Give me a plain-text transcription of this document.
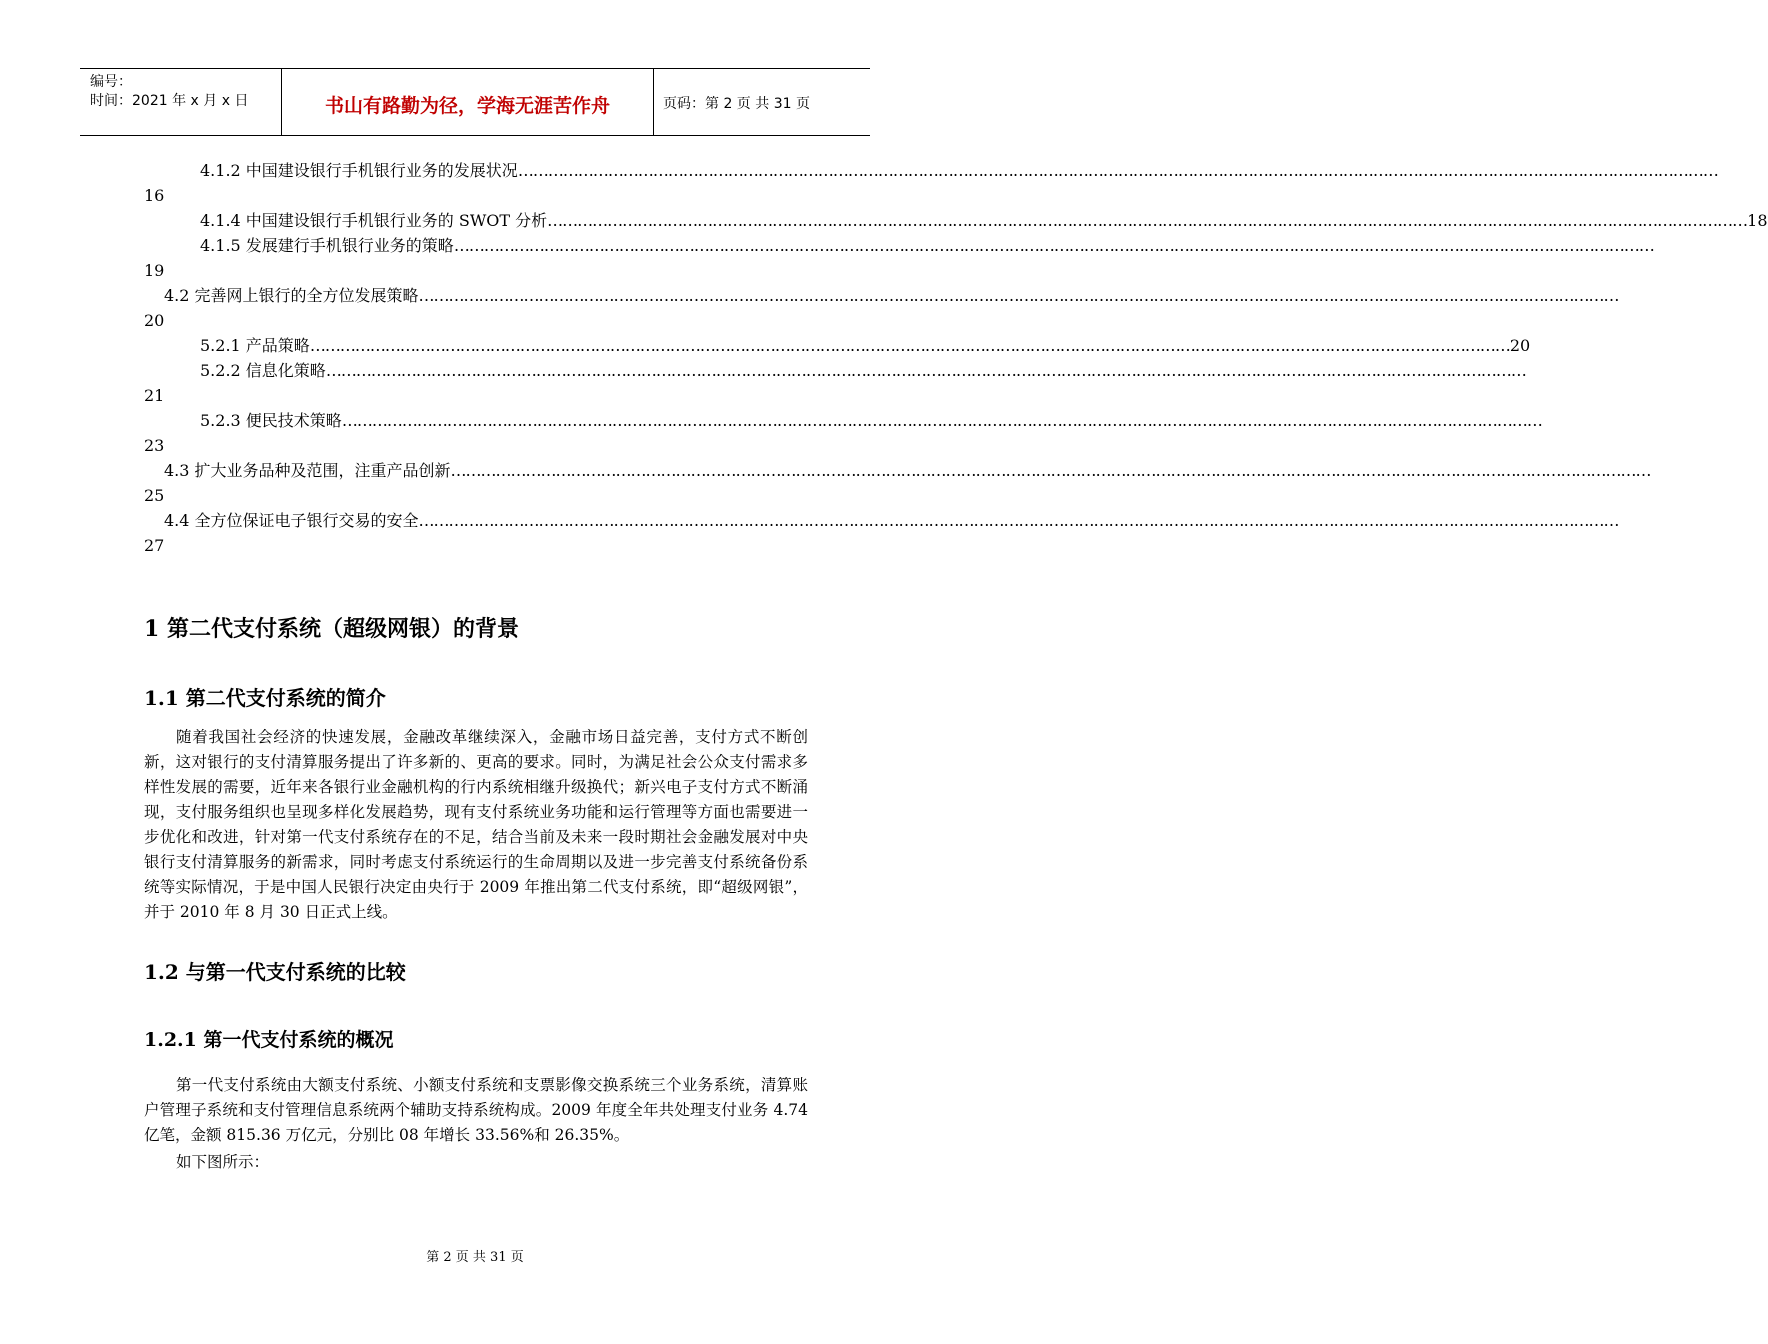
编号：
时间：2021 年 x 月 x 日	书山有路勤为径，学海无涯苦作舟	页码：第 2 页 共 31 页
4.1.2 中国建设银行手机银行业务的发展状况 ……………………………………………………………………………………………………………………………………………………………………………………………………………………
16
4.1.4 中国建设银行手机银行业务的 SWOT 分析 …………………………………………………………………………………………………………………………………………………………………………………………………………………… 18
4.1.5 发展建行手机银行业务的策略 ……………………………………………………………………………………………………………………………………………………………………………………………………………………
19
4.2 完善网上银行的全方位发展策略 ……………………………………………………………………………………………………………………………………………………………………………………………………………………
20
5.2.1 产品策略 …………………………………………………………………………………………………………………………………………………………………………………………………………………… 20
5.2.2 信息化策略 ……………………………………………………………………………………………………………………………………………………………………………………………………………………
21
5.2.3 便民技术策略 ……………………………………………………………………………………………………………………………………………………………………………………………………………………
23
4.3 扩大业务品种及范围，注重产品创新 ……………………………………………………………………………………………………………………………………………………………………………………………………………………
25
4.4 全方位保证电子银行交易的安全 ……………………………………………………………………………………………………………………………………………………………………………………………………………………
27
1 第二代支付系统（超级网银）的背景
1.1 第二代支付系统的简介
随着我国社会经济的快速发展，金融改革继续深入，金融市场日益完善，支付方式不断创新，这对银行的支付清算服务提出了许多新的、更高的要求。同时，为满足社会公众支付需求多样性发展的需要，近年来各银行业金融机构的行内系统相继升级换代；新兴电子支付方式不断涌现，支付服务组织也呈现多样化发展趋势，现有支付系统业务功能和运行管理等方面也需要进一步优化和改进，针对第一代支付系统存在的不足，结合当前及未来一段时期社会金融发展对中央银行支付清算服务的新需求，同时考虑支付系统运行的生命周期以及进一步完善支付系统备份系统等实际情况，于是中国人民银行决定由央行于 2009 年推出第二代支付系统，即“超级网银”，并于 2010 年 8 月 30 日正式上线。
1.2 与第一代支付系统的比较
1.2.1 第一代支付系统的概况
第一代支付系统由大额支付系统、小额支付系统和支票影像交换系统三个业务系统，清算账户管理子系统和支付管理信息系统两个辅助支持系统构成。2009 年度全年共处理支付业务 4.74 亿笔，金额 815.36 万亿元，分别比 08 年增长 33.56%和 26.35%。
如下图所示：
第 2 页 共 31 页
